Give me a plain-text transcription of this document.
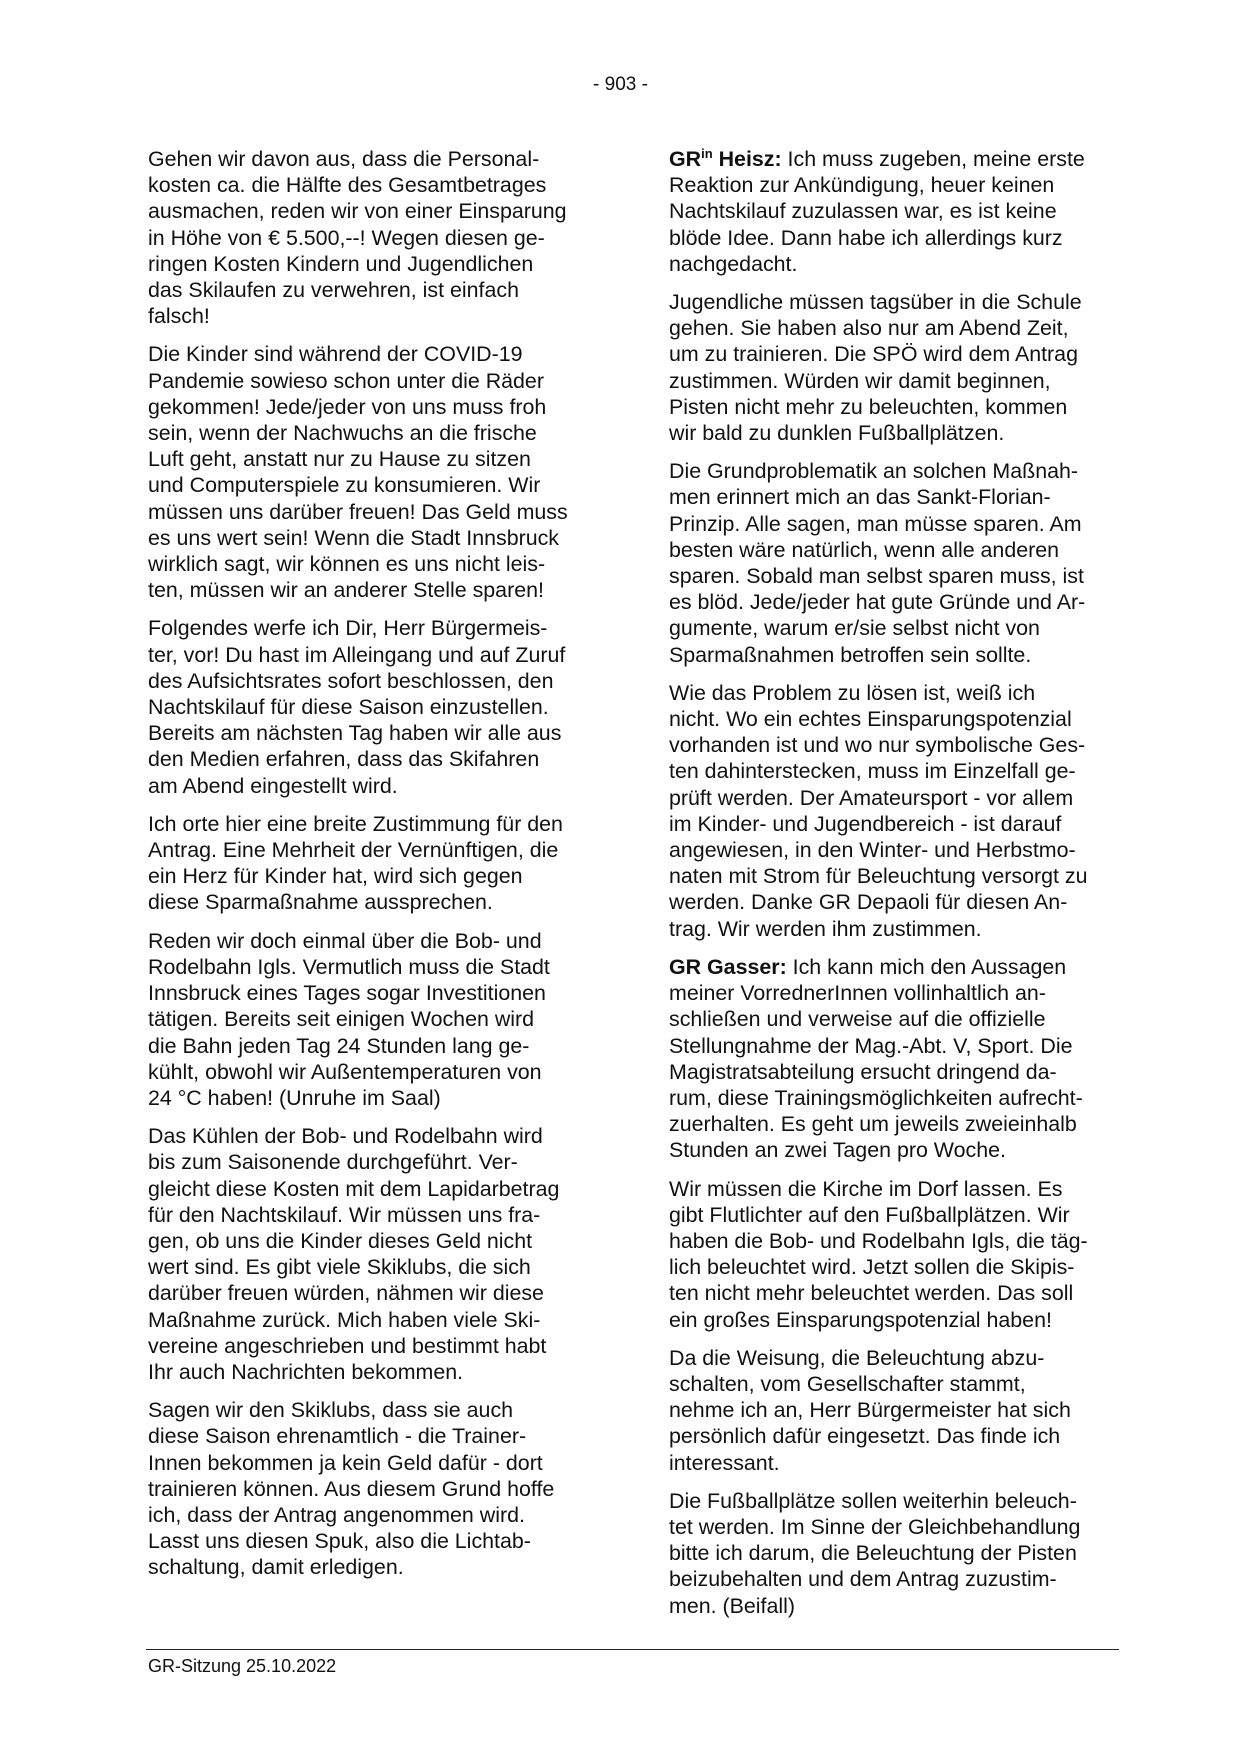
- 903 -

Gehen wir davon aus, dass die Personal-
kosten ca. die Hälfte des Gesamtbetrages
ausmachen, reden wir von einer Einsparung
in Höhe von € 5.500,--! Wegen diesen ge-
ringen Kosten Kindern und Jugendlichen
das Skilaufen zu verwehren, ist einfach
falsch!

Die Kinder sind während der COVID-19
Pandemie sowieso schon unter die Räder
gekommen! Jede/jeder von uns muss froh
sein, wenn der Nachwuchs an die frische
Luft geht, anstatt nur zu Hause zu sitzen
und Computerspiele zu konsumieren. Wir
müssen uns darüber freuen! Das Geld muss
es uns wert sein! Wenn die Stadt Innsbruck
wirklich sagt, wir können es uns nicht leis-
ten, müssen wir an anderer Stelle sparen!

Folgendes werfe ich Dir, Herr Bürgermeis-
ter, vor! Du hast im Alleingang und auf Zuruf
des Aufsichtsrates sofort beschlossen, den
Nachtskilauf für diese Saison einzustellen.
Bereits am nächsten Tag haben wir alle aus
den Medien erfahren, dass das Skifahren
am Abend eingestellt wird.

Ich orte hier eine breite Zustimmung für den
Antrag. Eine Mehrheit der Vernünftigen, die
ein Herz für Kinder hat, wird sich gegen
diese Sparmaßnahme aussprechen.

Reden wir doch einmal über die Bob- und
Rodelbahn Igls. Vermutlich muss die Stadt
Innsbruck eines Tages sogar Investitionen
tätigen. Bereits seit einigen Wochen wird
die Bahn jeden Tag 24 Stunden lang ge-
kühlt, obwohl wir Außentemperaturen von
24 °C haben! (Unruhe im Saal)

Das Kühlen der Bob- und Rodelbahn wird
bis zum Saisonende durchgeführt. Ver-
gleicht diese Kosten mit dem Lapidarbetrag
für den Nachtskilauf. Wir müssen uns fra-
gen, ob uns die Kinder dieses Geld nicht
wert sind. Es gibt viele Skiklubs, die sich
darüber freuen würden, nähmen wir diese
Maßnahme zurück. Mich haben viele Ski-
vereine angeschrieben und bestimmt habt
Ihr auch Nachrichten bekommen.

Sagen wir den Skiklubs, dass sie auch
diese Saison ehrenamtlich - die Trainer-
Innen bekommen ja kein Geld dafür - dort
trainieren können. Aus diesem Grund hoffe
ich, dass der Antrag angenommen wird.
Lasst uns diesen Spuk, also die Lichtab-
schaltung, damit erledigen.

$GR^{in}$ Heisz: Ich muss zugeben, meine erste
Reaktion zur Ankündigung, heuer keinen
Nachtskilauf zuzulassen war, es ist keine
blöde Idee. Dann habe ich allerdings kurz
nachgedacht.

Jugendliche müssen tagsüber in die Schule
gehen. Sie haben also nur am Abend Zeit,
um zu trainieren. Die SPÖ wird dem Antrag
zustimmen. Würden wir damit beginnen,
Pisten nicht mehr zu beleuchten, kommen
wir bald zu dunklen Fußballplätzen.

Die Grundproblematik an solchen Maßnah-
men erinnert mich an das Sankt-Florian-
Prinzip. Alle sagen, man müsse sparen. Am
besten wäre natürlich, wenn alle anderen
sparen. Sobald man selbst sparen muss, ist
es blöd. Jede/jeder hat gute Gründe und Ar-
gumente, warum er/sie selbst nicht von
Sparmaßnahmen betroffen sein sollte.

Wie das Problem zu lösen ist, weiß ich
nicht. Wo ein echtes Einsparungspotenzial
vorhanden ist und wo nur symbolische Ges-
ten dahinterstecken, muss im Einzelfall ge-
prüft werden. Der Amateursport - vor allem
im Kinder- und Jugendbereich - ist darauf
angewiesen, in den Winter- und Herbstmo-
naten mit Strom für Beleuchtung versorgt zu
werden. Danke GR Depaoli für diesen An-
trag. Wir werden ihm zustimmen.

GR Gasser: Ich kann mich den Aussagen
meiner VorrednerInnen vollinhaltlich an-
schließen und verweise auf die offizielle
Stellungnahme der Mag.-Abt. V, Sport. Die
Magistratsabteilung ersucht dringend da-
rum, diese Trainingsmöglichkeiten aufrecht-
zuerhalten. Es geht um jeweils zweieinhalb
Stunden an zwei Tagen pro Woche.

Wir müssen die Kirche im Dorf lassen. Es
gibt Flutlichter auf den Fußballplätzen. Wir
haben die Bob- und Rodelbahn Igls, die täg-
lich beleuchtet wird. Jetzt sollen die Skipis-
ten nicht mehr beleuchtet werden. Das soll
ein großes Einsparungspotenzial haben!

Da die Weisung, die Beleuchtung abzu-
schalten, vom Gesellschafter stammt,
nehme ich an, Herr Bürgermeister hat sich
persönlich dafür eingesetzt. Das finde ich
interessant.

Die Fußballplätze sollen weiterhin beleuch-
tet werden. Im Sinne der Gleichbehandlung
bitte ich darum, die Beleuchtung der Pisten
beizubehalten und dem Antrag zuzustim-
men. (Beifall)

GR-Sitzung 25.10.2022
